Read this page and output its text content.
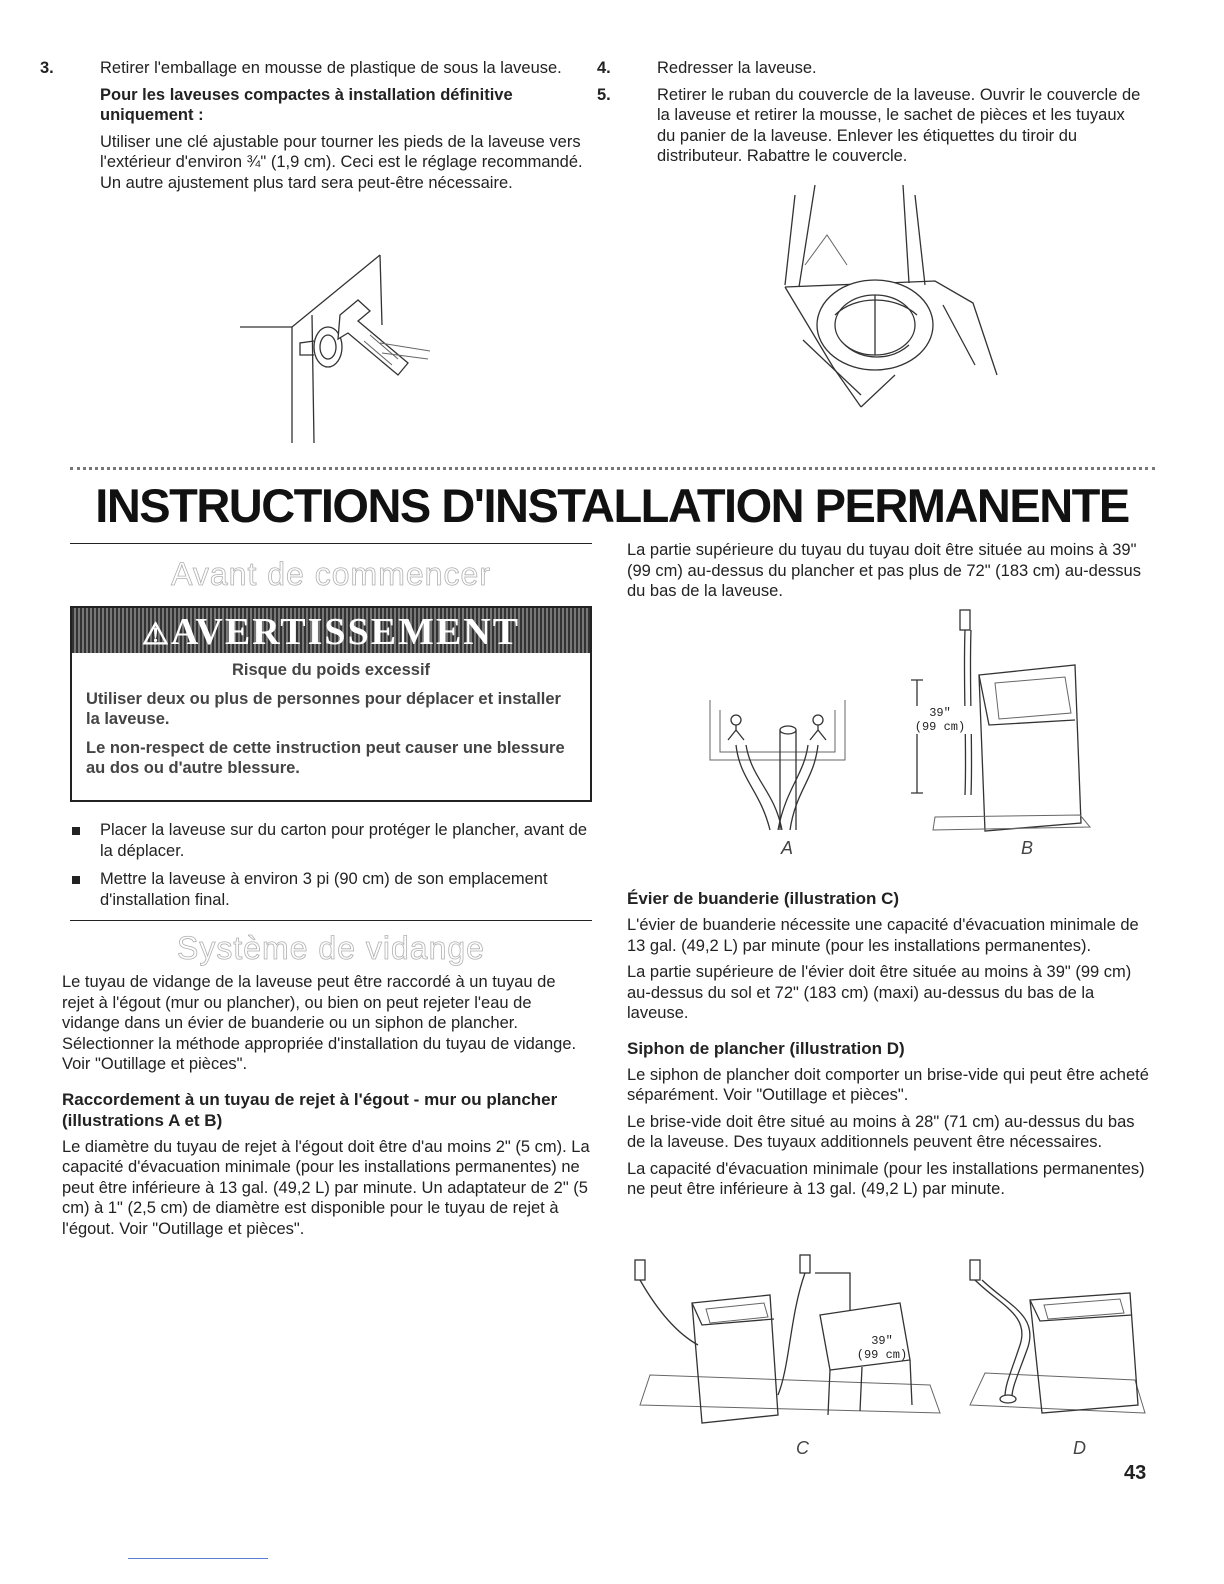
3.	Retirer l'emballage en mousse de plastique de sous la laveuse.

Pour les laveuses compactes à installation définitive uniquement :

Utiliser une clé ajustable pour tourner les pieds de la laveuse vers l'extérieur d'environ ¾" (1,9 cm). Ceci est le réglage recommandé. Un autre ajustement plus tard sera peut-être nécessaire.

4.	Redresser la laveuse.

5.	Retirer le ruban du couvercle de la laveuse. Ouvrir le couvercle de la laveuse et retirer la mousse, le sachet de pièces et les tuyaux du panier de la laveuse. Enlever les étiquettes du tiroir du distributeur. Rabattre le couvercle.

INSTRUCTIONS D'INSTALLATION PERMANENTE
Avant de commencer
⚠AVERTISSEMENT
Risque du poids excessif

Utiliser deux ou plus de personnes pour déplacer et installer la laveuse.

Le non-respect de cette instruction peut causer une blessure au dos ou d'autre blessure.

Placer la laveuse sur du carton pour protéger le plancher, avant de la déplacer.
Mettre la laveuse à environ 3 pi (90 cm) de son emplacement d'installation final.
Système de vidange

Le tuyau de vidange de la laveuse peut être raccordé à un tuyau de rejet à l'égout (mur ou plancher), ou bien on peut rejeter l'eau de vidange dans un évier de buanderie ou un siphon de plancher. Sélectionner la méthode appropriée d'installation du tuyau de vidange. Voir "Outillage et pièces".

Raccordement à un tuyau de rejet à l'égout - mur ou plancher (illustrations A et B)

Le diamètre du tuyau de rejet à l'égout doit être d'au moins 2" (5 cm). La capacité d'évacuation minimale (pour les installations permanentes) ne peut être inférieure à 13 gal. (49,2 L) par minute. Un adaptateur de 2" (5 cm) à 1" (2,5 cm) de diamètre est disponible pour le tuyau de rejet à l'égout. Voir "Outillage et pièces".

La partie supérieure du tuyau du tuyau doit être située au moins à 39" (99 cm) au-dessus du plancher et pas plus de 72" (183 cm) au-dessus du bas de la laveuse.
39"
(99 cm)
A	B

Évier de buanderie (illustration C)

L'évier de buanderie nécessite une capacité d'évacuation minimale de 13 gal. (49,2 L) par minute (pour les installations permanentes).

La partie supérieure de l'évier doit être située au moins à 39" (99 cm) au-dessus du sol et 72" (183 cm) (maxi) au-dessus du bas de la laveuse.

Siphon de plancher (illustration D)

Le siphon de plancher doit comporter un brise-vide qui peut être acheté séparément. Voir "Outillage et pièces".

Le brise-vide doit être situé au moins à 28" (71 cm) au-dessus du bas de la laveuse. Des tuyaux additionnels peuvent être nécessaires.

La capacité d'évacuation minimale (pour les installations permanentes) ne peut être inférieure à 13 gal. (49,2 L) par minute.

39"
(99 cm)
C	D
43
